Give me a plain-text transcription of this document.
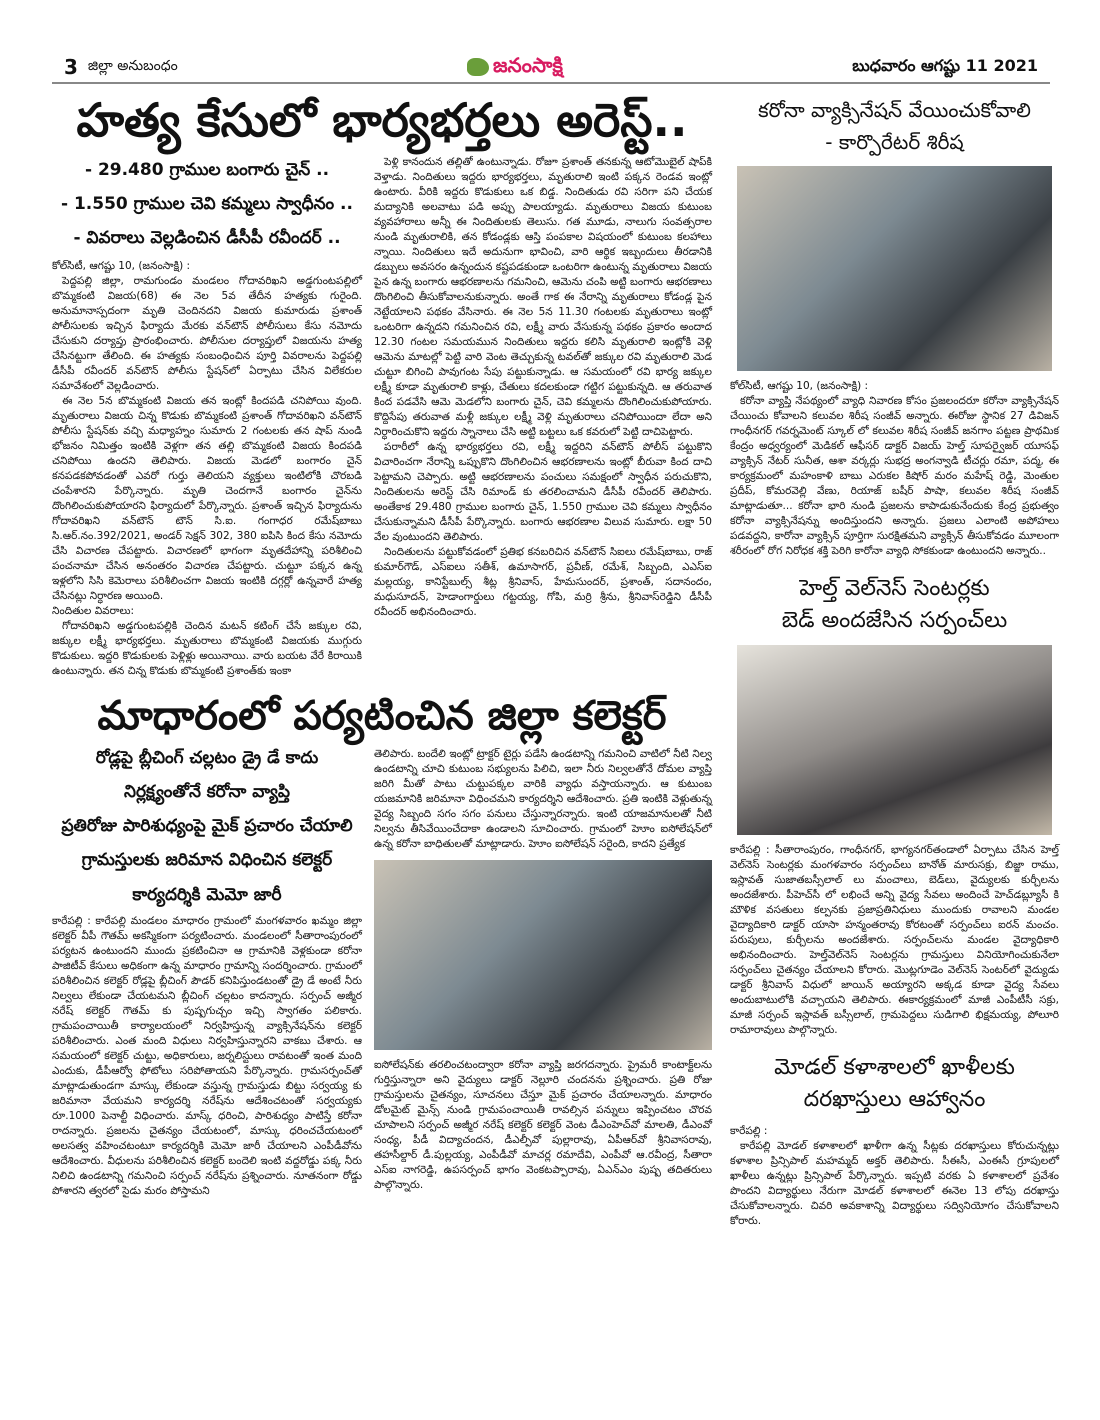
3 జిల్లా అనుబంధం	జనంసాక్షి	బుధవారం ఆగష్టు 11 2021
హత్య కేసులో భార్యభర్తలు అరెస్ట్..
- 29.480 గ్రాముల బంగారు చైన్ ..
- 1.550 గ్రాముల చెవి కమ్మలు స్వాధీనం ..
- వివరాలు వెల్లడించిన డీసీపీ రవీందర్ ..
కోల్‌సిటీ, ఆగష్టు 10, (జనంసాక్షి) :

పెద్దపల్లి జిల్లా, రామగుండం మండలం గోదావరిఖని అడ్డగుంటపల్లిలో బొమ్మకంటి విజయ(68) ఈ నెల 5వ తేదీన హత్యకు గురైంది. అనుమానాస్పదంగా మృతి చెందినదని విజయ కుమారుడు ప్రశాంత్ పోలీసులకు ఇచ్చిన ఫిర్యాదు మేరకు వన్‌టౌన్ పోలీసులు కేసు నమోదు చేసుకుని దర్యాప్తు ప్రారంభించారు. పోలీసుల దర్యాప్తులో విజయను హత్య చేసినట్టుగా తేలింది. ఈ హత్యకు సంబంధించిన పూర్తి వివరాలను పెద్దపల్లి డీసీపీ రవీందర్ వన్‌టౌన్ పోలీసు స్టేషన్‌లో ఏర్పాటు చేసిన విలేకరుల సమావేశంలో వెల్లడించారు.

ఈ నెల 5న బొమ్మకంటి విజయ తన ఇంట్లో కిందపడి చనిపోయి వుంది. మృతురాలు విజయ చిన్న కొడుకు బొమ్మకంటి ప్రశాంత్ గోదావరిఖని వన్‌టౌన్ పోలీసు స్టేషన్‌కు వచ్చి మధ్యాహ్నం సుమారు 2 గంటలకు తన షాప్ నుండి భోజనం నిమిత్తం ఇంటికి వెళ్లగా తన తల్లి బొమ్మకంటి విజయ కిందపడి చనిపోయి ఉందని తెలిపారు. విజయ మెడలో బంగారం చైన్ కనపడకపోవడంతో ఎవరో గుర్తు తెలియని వ్యక్తులు ఇంటిలోకి చొరబడి చంపేశారని పేర్కొన్నారు. మృతి చెందగానే బంగారం చైన్‌ను దొంగిలించుకుపోయారని ఫిర్యాదులో పేర్కొన్నారు. ప్రశాంత్ ఇచ్చిన ఫిర్యాదును గోదావరిఖని వన్‌టౌన్ టౌన్ సి.ఐ. గంగాధర రమేష్‌బాబు సి.ఆర్.నం.392/2021, అండర్ సెక్షన్ 302, 380 ఐపిసి కింద కేసు నమోదు చేసి విచారణ చేపట్టారు. విచారణలో భాగంగా మృతదేహాన్ని పరిశీలించి పంచనామా చేసిన అనంతరం విచారణ చేపట్టారు. చుట్టూ పక్కన ఉన్న ఇళ్లలోని సిసి కెమెరాలు పరిశీలించగా విజయ ఇంటికి దగ్గర్లో ఉన్నవారే హత్య చేసినట్లు నిర్ధారణ అయింది.

నిందితుల వివరాలు:

గోదావరిఖని అడ్డగుంటపల్లికి చెందిన మటన్ కటింగ్ చేసే జక్కుల రవి, జక్కుల లక్ష్మీ భార్యభర్తలు. మృతురాలు బొమ్మకంటి విజయకు ముగ్గురు కొడుకులు. ఇద్దరి కొడుకులకు పెళ్లిళ్లు అయినాయి. వారు బయట వేరే కిరాయికి ఉంటున్నారు. తన చిన్న కొడుకు బొమ్మకంటి ప్రశాంత్‌కు ఇంకా

పెళ్లి కానందున తల్లితో ఉంటున్నాడు. రోజూ ప్రశాంత్ తనకున్న ఆటోమొబైల్ షాప్‌కి వెళ్తాడు. నిందితులు ఇద్దరు భార్యభర్తలు, మృతురాలి ఇంటి పక్కన రెండవ ఇంట్లో ఉంటారు. వీరికి ఇద్దరు కొడుకులు ఒక బిడ్డ. నిందితుడు రవి సరిగా పని చేయక మద్యానికి అలవాటు పడి అప్పు పాలయ్యాడు. మృతురాలు విజయ కుటుంబ వ్యవహారాలు అన్నీ ఈ నిందితులకు తెలుసు. గత మూడు, నాలుగు సంవత్సరాల నుండి మృతురాలికి, తన కోడండ్లకు ఆస్తి పంపకాల విషయంలో కుటుంబ కలహాలు న్నాయి. నిందితులు ఇదే అదునుగా భావించి, వారి ఆర్థిక ఇబ్బందులు తీరడానికి డబ్బులు అవసరం ఉన్నందున కష్టపడకుండా ఒంటరిగా ఉంటున్న మృతురాలు విజయ పైన ఉన్న బంగారు ఆభరణాలను గమనించి, ఆమెను చంపి అట్టి బంగారు ఆభరణాలు దొంగిలించి తీసుకోవాలనుకున్నారు. అంతే గాక ఈ నేరాన్ని మృతురాలు కోడండ్ల పైన నెట్టేయాలని పథకం వేసినారు. ఈ నెల 5న 11.30 గంటలకు మృతురాలు ఇంట్లో ఒంటరిగా ఉన్నదని గమనించిన రవి, లక్ష్మీ వారు వేసుకున్న పథకం ప్రకారం అందాద 12.30 గంటల సమయమున నిందితులు ఇద్దరు కలిసి మృతురాలి ఇంట్లోకి వెళ్లి ఆమెను మాటల్లో పెట్టి వారి వెంట తెచ్చుకున్న టవల్‌తో జక్కుల రవి మృతురాలి మెడ చుట్టూ బిగించి పావుగంట సేపు పట్టుకున్నాడు. ఆ సమయంలో రవి భార్య జక్కుల లక్ష్మీ కూడా మృతురాలి కాళ్లు, చేతులు కదలకుండా గట్టిగ పట్టుకున్నది. ఆ తరువాత కింద పడవేసి ఆమె మెడలోని బంగారు చైన్, చెవి కమ్మలను దొంగిలించుకుపోయారు. కొద్దిసేపు తరువాత మళ్లీ జక్కుల లక్ష్మీ వెళ్లి మృతురాలు చనిపోయిందా లేదా అని నిర్ధారించుకొని ఇద్దరు స్నానాలు చేసి అట్టి బట్టలు ఒక కవరులో పెట్టి దాచిపెట్టారు.

పరారీలో ఉన్న భార్యభర్తలు రవి, లక్ష్మీ ఇద్దరిని వన్‌టౌన్ పోలీస్ పట్టుకొని విచారించగా నేరాన్ని ఒప్పుకొని దొంగిలించిన ఆభరణాలను ఇంట్లో బీరువా కింద దాచి పెట్టామని చెప్పారు. అట్టి ఆభరణాలను పంచులు సమక్షంలో స్వాధీన పరుచుకొని, నిందితులను అరెస్ట్ చేసి రిమాండ్ కు తరలించామని డీసీపీ రవీందర్ తెలిపారు. అంతేకాక 29.480 గ్రాముల బంగారు చైన్, 1.550 గ్రాముల చెవి కమ్మలు స్వాధీనం చేసుకున్నామని డీసీపీ పేర్కొన్నారు. బంగారు ఆభరణాల విలువ సుమారు. లక్షా 50 వేల వుంటుందని తెలిపారు.

నిందితులను పట్టుకోవడంలో ప్రతిభ కనబరిచిన వన్‌టౌన్ సిఐలు రమేష్‌బాబు, రాజ్ కుమార్‌గౌడ్, ఎస్ఐలు సతీశ్, ఉమాసాగర్, ప్రవీణ్, రమేశ్, సిబ్బంది, ఎఎస్ఐ మల్లయ్య, కానిస్టేబుల్స్ శీట్ల శ్రీనివాస్, హేమసుందర్, ప్రశాంత్, సదానందం, మధుసూదన్, హెడాంగార్డులు గట్టయ్య, గోపి, మర్రి శ్రీను, శ్రీనివాస్‌రెడ్డిని డీసీపీ రవీందర్ అభినందించారు.

మాధారంలో పర్యటించిన జిల్లా కలెక్టర్
రోడ్లపై బ్లీచింగ్ చల్లటం డ్రై డే కాదు
నిర్లక్ష్యంతోనే కరోనా వ్యాప్తి
ప్రతిరోజు పారిశుధ్యంపై మైక్ ప్రచారం చేయాలి
గ్రామస్తులకు జరిమాన విధించిన కలెక్టర్
కార్యదర్శికి మెమో జారీ
కారేపల్లి : కారేపల్లి మండలం మాధారం గ్రామంలో మంగళవారం ఖమ్మం జిల్లా కలెక్టర్ వీపీ గౌతమ్ అకస్మికంగా పర్యటించారు. మండలంలో సీతారాంపురంలో పర్యటన ఉంటుందని ముందు ప్రకటించినా ఆ గ్రామానికి వెళ్లకుండా కరోనా పాజిటీవ్ కేసులు అధికంగా ఉన్న మాధారం గ్రామాన్ని సందర్శించారు. గ్రామంలో పరిశీలించిన కలెక్టర్ రోడ్లపై బ్లీచింగ్ పౌడర్ కనిపిస్తుండటంతో డ్రై డే అంటే నీరు నిల్వలు లేకుండా చేయటమని బ్లీచింగ్ చల్లటం కాదన్నారు. సర్పంచ్ అజ్మీర నరేష్ కలెక్టర్ గౌతమ్ కు పుష్పగుచ్చం ఇచ్చి స్వాగతం పలికారు. గ్రామపంచాయితీ కార్యాలయంలో నిర్వహిస్తున్న వ్యాక్సినేషన్‌ను కలెక్టర్ పరిశీలించారు. ఎంత మంది విధులు నిర్వహిస్తున్నారని వాకబు చేశారు. ఆ సమయంలో కలెక్టర్ చుట్టు, అధికారులు, జర్నలిస్టులు రావటంతో ఇంత మంది ఎందుకు, డీపీఆర్వో ఫోటోలు సరిపోతాయని పేర్కొన్నారు. గ్రామసర్పంచ్‌తో మాట్లాడుతుండగా మాస్కు లేకుండా వస్తున్న గ్రామస్తుడు బిట్టు సర్వయ్య కు జరిమానా వేయమని కార్యదర్శి నరేష్‌ను ఆదేశించటంతో సర్వయ్యకు రూ.1000 పెనాల్టీ విధించారు. మాస్క్ ధరించి, పారిశుధ్యం పాటిస్తే కరోనా రాదన్నారు. ప్రజలను చైతన్యం చేయటంలో, మాస్కు ధరించచేయటంలో అలసత్వ వహించటంటూ కార్యదర్శికి మెమో జారీ చేయాలని ఎంపీడీవోను ఆదేశించారు. వీధులను పరిశీలించిన కలెక్టర్ బందెలి ఇంటి వద్దరోడ్డు పక్క నీరు నిలిచి ఉండటాన్ని గమనించి సర్పంచ్ నరేష్‌ను ప్రశ్నించారు. నూతనంగా రోడ్డు పోశారని త్వరలో సైడు మరం పోస్తామని
తెలిపారు. బందేలి ఇంట్లో ట్రాక్టర్ టైర్లు పడేసి ఉండటాన్ని గమనించి వాటిలో నీటి నిల్వ ఉండటాన్ని చూచి కుటుంబ సభ్యులను పిలిచి, ఇలా నీరు నిల్వలతోనే దోమల వ్యాప్తి జరిగి మీతో పాటు చుట్టుపక్కల వారికి వ్యాధు వస్తాయన్నారు. ఆ కుటుంబ యజమానికి జరిమానా విధించమని కార్యదర్శిని ఆదేశించారు. ప్రతి ఇంటికి వెళ్లుతున్న వైద్య సిబ్బంది సగం సగం పనులు చేస్తున్నారన్నారు. ఇంటి యాజమానులతో నీటి నిల్వను తీసివేయించేదాకా ఉండాలని సూచించారు. గ్రామంలో హెూం ఐసోలేషన్‌లో ఉన్న కరోనా బాధితులతో మాట్లాడారు. హెూం ఐసోలేషన్ సరైంది, కాదని ప్రత్యేక
ఐసోలేషన్‌కు తరలించటంద్వారా కరోనా వ్యాప్తి జరగదన్నారు. ప్రైమరీ కాంటాక్ట్‌లను గుర్తిస్తున్నారా అని వైద్యులు డాక్టర్ నెల్లూరి చందనను ప్రశ్నించారు. ప్రతి రోజు గ్రామస్తులను చైతన్యం, సూచనలు చేస్తూ మైక్ ప్రచారం చేయాలన్నారు. మాధారం డోలమైట్ మైన్స్ నుండి గ్రామపంచాయితీ రావల్సిన పన్నులు ఇప్పించటం చొరవ చూపాలని సర్పంచ్ అజ్మీర నరేష్ కలెక్టర్ కలెక్టర్ వెంట డీఎంహెచ్‌వో మాలతి, డీఎంవో సంధ్య, పీడీ విద్యాచందన, డీఎల్పీవో పుల్లారావు, ఏపీఆర్‌వో శ్రీనివాసరావు, తహసీల్దార్ డీ.పుల్లయ్య, ఎంపీడీవో మాచర్ల రమాదేవి, ఎంపీవో ఆ.రవీంద్ర, సీతారా ఎస్ఐ నాగరెడ్డి, ఉపసర్పంచ్ భాగం వెంకటప్పారావు, ఏఎన్ఎం పుష్ప తదితరులు పాల్గొన్నారు.
కరోనా వ్యాక్సినేషన్ వేయించుకోవాలి
- కార్పొరేటర్ శిరీష
కోల్‌సిటీ, ఆగష్టు 10, (జనంసాక్షి) :

కరోనా వ్యాప్తి నేపథ్యంలో వ్యాధి నివారణ కోసం ప్రజలందరూ కరోనా వ్యాక్సినేషన్ చేయించు కోవాలని కలువల శిరీష సంజీవ్ అన్నారు. ఈరోజు స్థానిక 27 డివిజన్ గాంధీనగర్ గవర్నమెంట్ స్కూల్ లో కలువల శిరీష సంజీవ్ జనగాం పట్టణ ప్రాథమిక కేంద్రం అధ్వర్యంలో మెడికల్ ఆఫీసర్ డాక్టర్ విజయ్ హెల్త్ సూపర్వైజర్ యూసఫ్ వ్యాక్సిన్ నేటర్ సునీత, ఆశా వర్కర్లు సుభద్ర అంగన్వాడి టీచర్లు రమా, పద్మ, ఈ కార్యక్రమంలో మహంకాళి బాబు ఎరుకల కిషోర్ మరం మహేష్ రెడ్డి, మెంతుల ప్రదీప్, కోమరవెల్లి వేణు, రియాజ్ బషీర్ పాషా, కలువల శిరీష సంజీవ్ మాట్లాడుతూ... కరోనా భారి నుండి ప్రజలను కాపాడుకునేందుకు కేంద్ర ప్రభుత్వం కరోనా వ్యాక్సినేషన్ను అందిస్తుందని అన్నారు. ప్రజలు ఎలాంటి అపోహలు పడవద్దని, కారోనా వ్యాక్సిన్ పూర్తిగా సురక్షితమని వ్యాక్సిన్ తీసుకోవడం మూలంగా శరీరంలో రోగ నిరోధక శక్తి పెరిగి కారోనా వ్యాధి సోకకుండా ఉంటుందని అన్నారు..

హెల్త్ వెల్‌నెస్ సెంటర్లకు
బెడ్ అందజేసిన సర్పంచ్‌లు
కారేపల్లి : సీతారాంపురం, గాంధీనగర్, భాగ్యనగర్‌తండాలో ఏర్పాటు చేసిన హెల్త్ వెల్‌నెస్ సెంటర్లకు మంగళవారం సర్పంచ్‌లు బానోత్ మారుసక్రు, బిజ్జా రాము, ఇస్లావత్ సుజాతబస్సీలాల్ లు మంచాలు, బెడ్‌లు, వైద్యులకు కుర్చీలను అందజేశారు. పీహెచ్‌సీ లో లభించే అన్ని వైద్య సేవలు అందించే హెచ్‌డబ్ల్యూసీ కి మౌళిక వసతులు కల్పనకు ప్రజాప్రతినిధులు ముందుకు రావాలని మండల వైద్యాదికారి డాక్టర్ యాసా హన్మంతరావు కోరటంతో సర్పంచ్‌లు ఐరన్ మంచం. పరుపులు, కుర్చీలను అందజేశారు. సర్పంచ్‌లను మండల వైద్యాధికారి అభినందించారు. హెల్త్‌వెల్‌నెస్ సెంటర్లను గ్రామస్తులు వినియోగించుకునేలా సర్పంచ్‌లు చైతన్యం చేయాలని కోరారు. మొట్లగూడెం వెల్‌నెస్ సెంటర్‌లో వైద్యుడు డాక్టర్ శ్రీనివాస్ విధులో జాయిన్ అయ్యారని అక్కడ కూడా వైద్య సేవలు అందుబాటులోకి వచ్చాయని తెలిపారు. ఈకార్యక్రమంలో మాజీ ఎంపీటీసీ సక్రు, మాజీ సర్పంచ్ ఇస్లావత్ బస్సీలాల్, గ్రామపెద్దలు సుడిగాలి భిక్షమయ్య, పోలూరి రామారావులు పాల్గొన్నారు.
మోడల్ కళాశాలలో ఖాళీలకు
దరఖాస్తులు ఆహ్వానం
కారేపల్లి :

కారేపల్లి మోడల్ కళాశాలలో ఖాళీగా ఉన్న సీట్లకు దరఖాస్తులు కోరుచున్నట్లు కళాశాల ప్రిన్సిపాల్ మహమ్మద్ అక్తర్ తెలిపారు. సీఈసీ, ఎంఈసీ గ్రూపులలో ఖాళీలు ఉన్నట్లు ప్రిన్సిపాల్ పేర్కొన్నారు. ఇప్పటి వరకు ఏ కళాశాలలో ప్రవేశం పొందని విద్యార్థులు నేరుగా మోడల్ కళాశాలలో ఈనెల 13 లోపు దరఖాస్తు చేసుకోవాలన్నారు. చివరి అవకాశాన్ని విద్యార్థులు సద్వినియోగం చేసుకోవాలని కోరారు.
